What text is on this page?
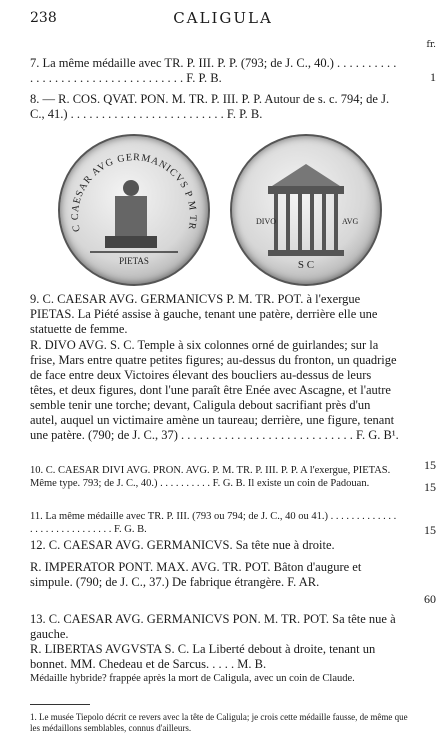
238	CALIGULA
fr.
7. La même médaille avec TR. P. III. P. P. (793; de J. C., 40.) . . . . . . . . . . . . . . . . . . . . . . . . . . . . . . . . . . . F. P. B.	1
8. — R. COS. QVAT. PON. M. TR. P. III. P. P. Autour de s. c. 794; de J. C., 41.) . . . . . . . . . . . . . . . . . . . . . . . . . F. P. B.
C CAESAR AVG GERMANICVS P M TR
PIETAS
DIVO	AVG
S C
9. C. CAESAR AVG. GERMANICVS P. M. TR. POT. à l'exergue PIETAS. La Piété assise à gauche, tenant une patère, derrière elle une statuette de femme.
R. DIVO AVG. S. C. Temple à six colonnes orné de guirlandes; sur la frise, Mars entre quatre petites figures; au-dessus du fronton, un quadrige de face entre deux Victoires élevant des boucliers au-dessus de leurs têtes, et deux figures, dont l'une paraît être Enée avec Ascagne, et l'autre semble tenir une torche; devant, Caligula debout sacrifiant près d'un autel, auquel un victimaire amène un taureau; derrière, une figure, tenant une patère. (790; de J. C., 37) . . . . . . . . . . . . . . . . . . . . . . . . . . . . F. G. B¹.
15
10. C. CAESAR DIVI AVG. PRON. AVG. P. M. TR. P. III. P. P. A l'exergue, PIETAS. Même type. 793; de J. C., 40.) . . . . . . . . . . F. G. B. Il existe un coin de Padouan.	15
11. La même médaille avec TR. P. III. (793 ou 794; de J. C., 40 ou 41.) . . . . . . . . . . . . . . . . . . . . . . . . . . . . . F. G. B.	15
12. C. CAESAR AVG. GERMANICVS. Sa tête nue à droite.
R. IMPERATOR PONT. MAX. AVG. TR. POT. Bâton d'augure et simpule. (790; de J. C., 37.) De fabrique étrangère. F. AR.
60
13. C. CAESAR AVG. GERMANICVS PON. M. TR. POT. Sa tête nue à gauche.
R. LIBERTAS AVGVSTA S. C. La Liberté debout à droite, tenant un bonnet. MM. Chedeau et de Sarcus. . . . . M. B.
Médaille hybride? frappée après la mort de Caligula, avec un coin de Claude.
1. Le musée Tiepolo décrit ce revers avec la tête de Caligula; je crois cette médaille fausse, de même que les médaillons semblables, connus d'ailleurs.
